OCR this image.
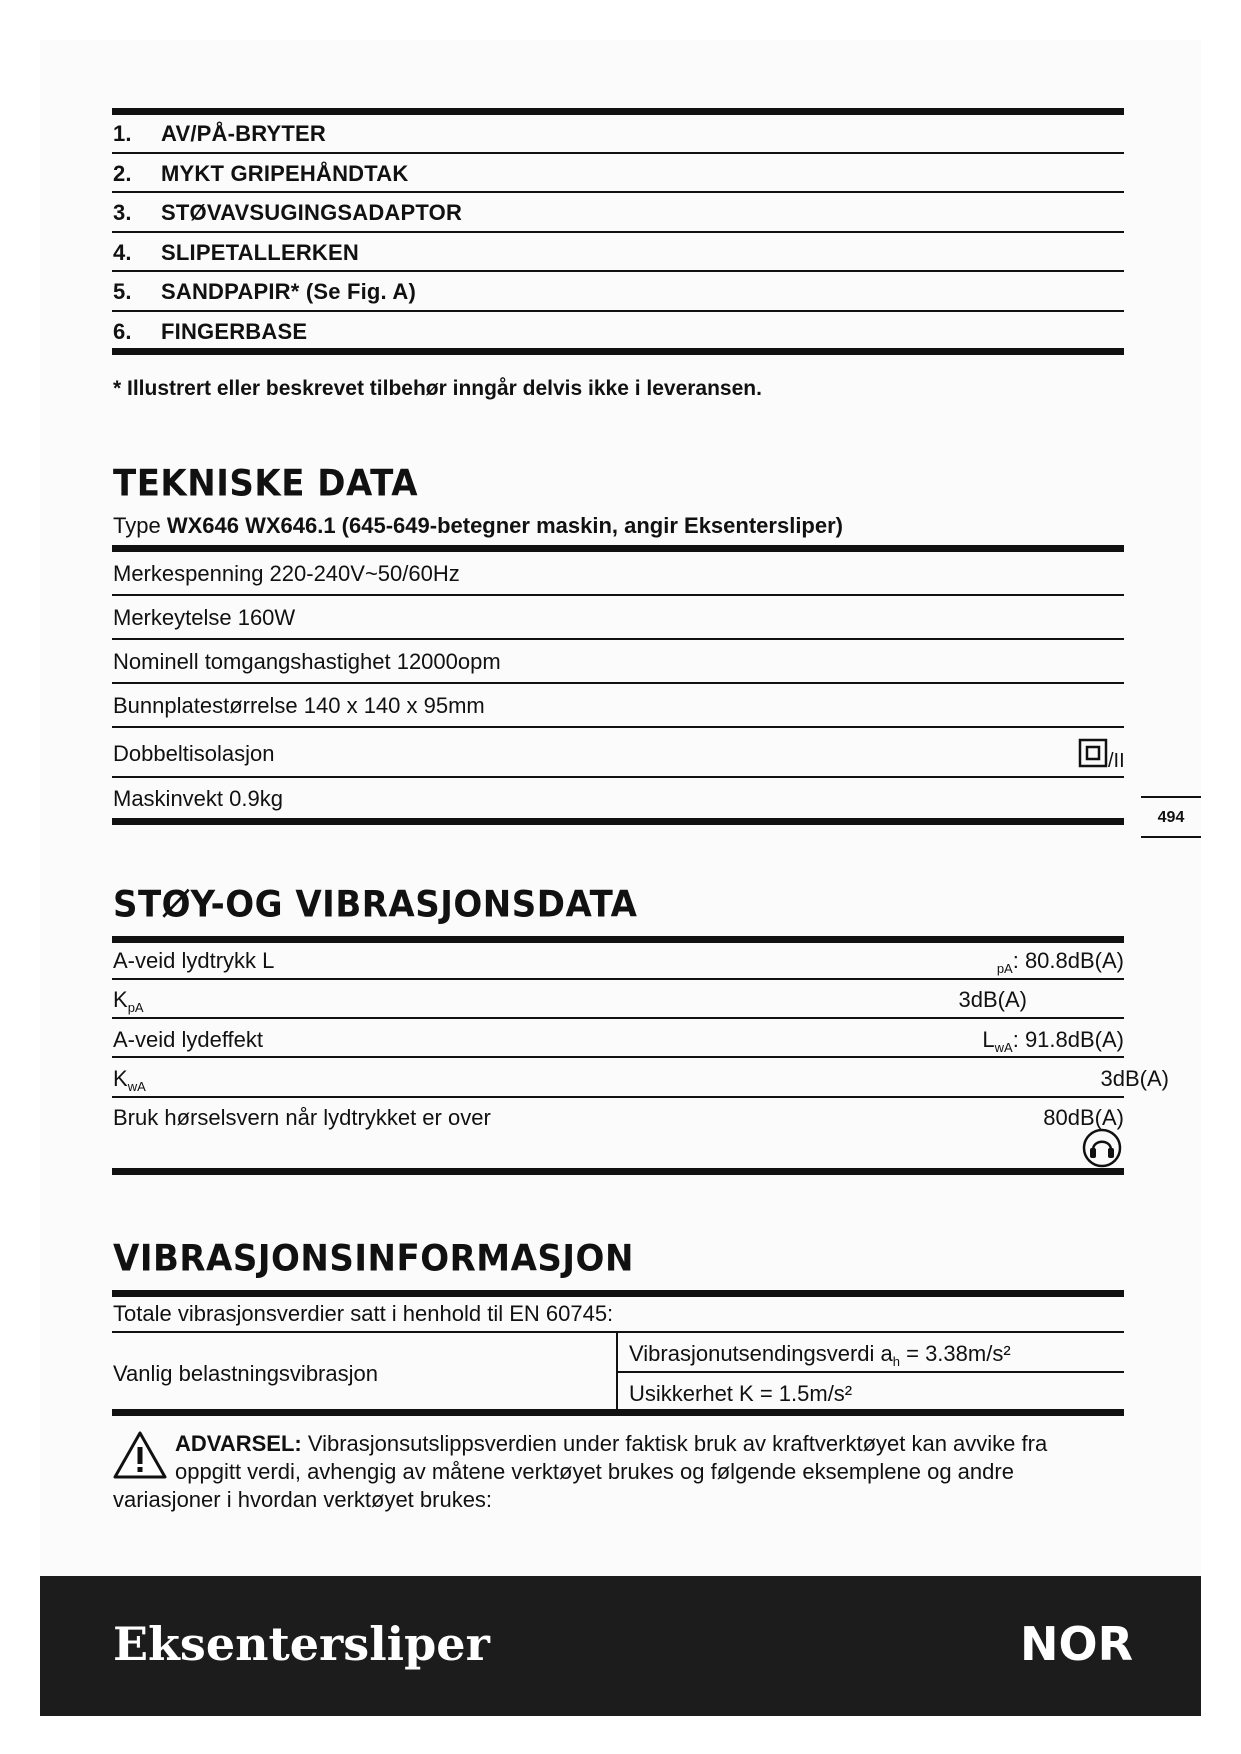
1. AV/PÅ-BRYTER
2. MYKT GRIPEHÅNDTAK
3. STØVAVSUGINGSADAPTOR
4. SLIPETALLERKEN
5. SANDPAPIR* (Se Fig. A)
6. FINGERBASE
* Illustrert eller beskrevet tilbehør inngår delvis ikke i leveransen.
TEKNISKE DATA
Type WX646 WX646.1 (645-649-betegner maskin, angir Eksentersliper)
Merkespenning 220-240V~50/60Hz
Merkeytelse 160W
Nominell tomgangshastighet 12000opm
Bunnplatestørrelse 140 x 140 x 95mm
Dobbeltisolasjon	/II
Maskinvekt 0.9kg
494
STØY-OG VIBRASJONSDATA
A-veid lydtrykk L	$_{pA}$: 80.8dB(A)
$K_{pA}$	3dB(A)
A-veid lydeffekt	$L_{wA}$: 91.8dB(A)
$K_{wA}$	3dB(A)
Bruk hørselsvern når lydtrykket er over	80dB(A)
VIBRASJONSINFORMASJON
Totale vibrasjonsverdier satt i henhold til EN 60745:
Vanlig belastningsvibrasjon
Vibrasjonutsendingsverdi $a_h = 3.38m/s^2$
Usikkerhet K = 1.5m/s²
ADVARSEL: Vibrasjonsutslippsverdien under faktisk bruk av kraftverktøyet kan avvike fra
oppgitt verdi, avhengig av måtene verktøyet brukes og følgende eksemplene og andre
variasjoner i hvordan verktøyet brukes:
Eksentersliper	NOR
